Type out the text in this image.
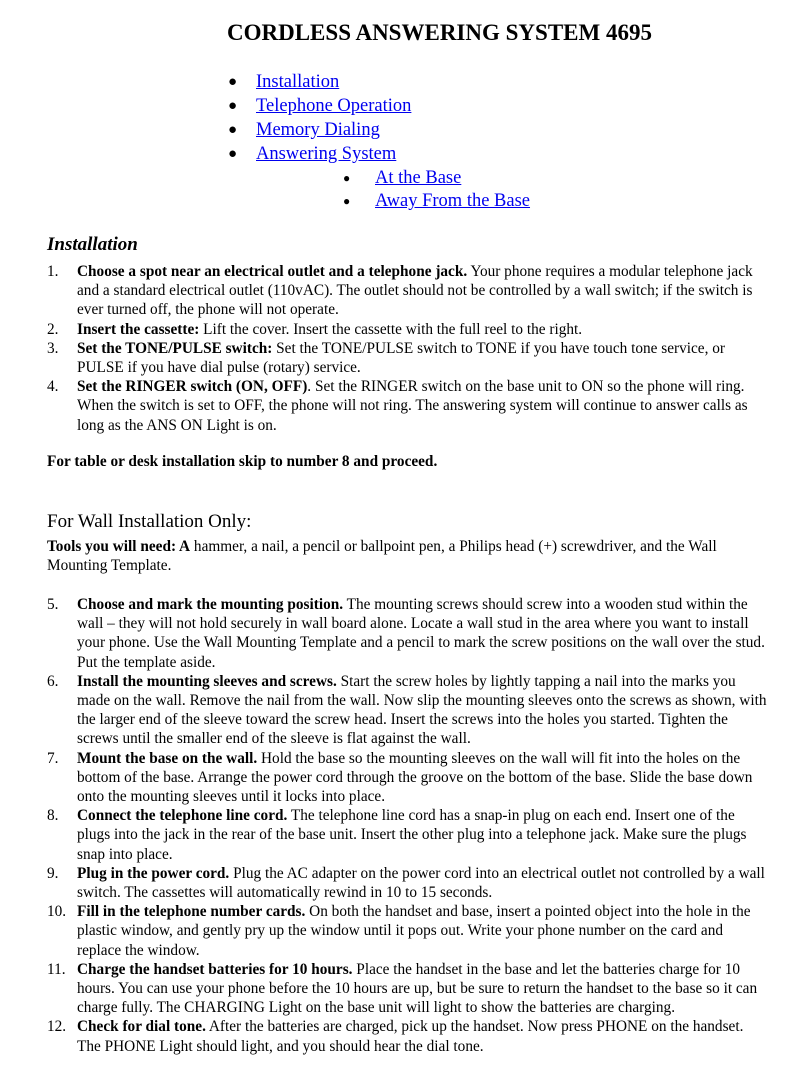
CORDLESS ANSWERING SYSTEM 4695
● Installation
● Telephone Operation
● Memory Dialing
● Answering System
● At the Base
● Away From the Base
Installation
1. Choose a spot near an electrical outlet and a telephone jack. Your phone requires a modular telephone jack and a standard electrical outlet (110vAC). The outlet should not be controlled by a wall switch; if the switch is ever turned off, the phone will not operate.
2. Insert the cassette: Lift the cover. Insert the cassette with the full reel to the right.
3. Set the TONE/PULSE switch: Set the TONE/PULSE switch to TONE if you have touch tone service, or PULSE if you have dial pulse (rotary) service.
4. Set the RINGER switch (ON, OFF). Set the RINGER switch on the base unit to ON so the phone will ring. When the switch is set to OFF, the phone will not ring. The answering system will continue to answer calls as long as the ANS ON Light is on.

For table or desk installation skip to number 8 and proceed.

For Wall Installation Only:

Tools you will need: A hammer, a nail, a pencil or ballpoint pen, a Philips head (+) screwdriver, and the Wall Mounting Template.

5. Choose and mark the mounting position. The mounting screws should screw into a wooden stud within the wall – they will not hold securely in wall board alone. Locate a wall stud in the area where you want to install your phone. Use the Wall Mounting Template and a pencil to mark the screw positions on the wall over the stud. Put the template aside.
6. Install the mounting sleeves and screws. Start the screw holes by lightly tapping a nail into the marks you made on the wall. Remove the nail from the wall. Now slip the mounting sleeves onto the screws as shown, with the larger end of the sleeve toward the screw head. Insert the screws into the holes you started. Tighten the screws until the smaller end of the sleeve is flat against the wall.
7. Mount the base on the wall. Hold the base so the mounting sleeves on the wall will fit into the holes on the bottom of the base. Arrange the power cord through the groove on the bottom of the base. Slide the base down onto the mounting sleeves until it locks into place.
8. Connect the telephone line cord. The telephone line cord has a snap-in plug on each end. Insert one of the plugs into the jack in the rear of the base unit. Insert the other plug into a telephone jack. Make sure the plugs snap into place.
9. Plug in the power cord. Plug the AC adapter on the power cord into an electrical outlet not controlled by a wall switch. The cassettes will automatically rewind in 10 to 15 seconds.
10. Fill in the telephone number cards. On both the handset and base, insert a pointed object into the hole in the plastic window, and gently pry up the window until it pops out. Write your phone number on the card and replace the window.
11. Charge the handset batteries for 10 hours. Place the handset in the base and let the batteries charge for 10 hours. You can use your phone before the 10 hours are up, but be sure to return the handset to the base so it can charge fully. The CHARGING Light on the base unit will light to show the batteries are charging.
12. Check for dial tone. After the batteries are charged, pick up the handset. Now press PHONE on the handset. The PHONE Light should light, and you should hear the dial tone.
